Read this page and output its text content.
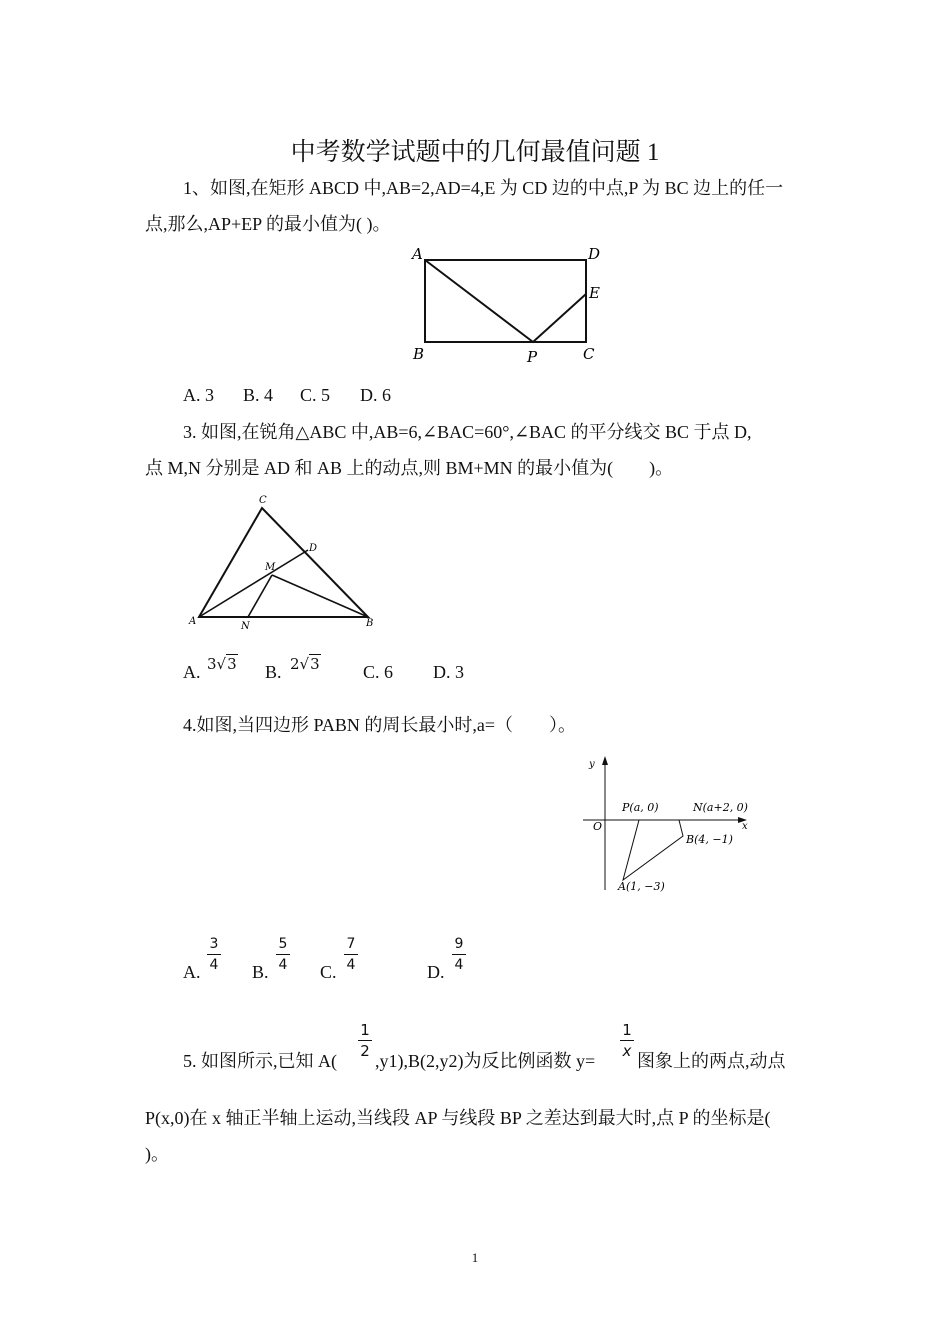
中考数学试题中的几何最值问题 1
1、如图,在矩形 ABCD 中,AB=2,AD=4,E 为 CD 边的中点,P 为 BC 边上的任一
点,那么,AP+EP 的最小值为( )。
A	D
E
B	P	C
A. 3 B. 4 C. 5 D. 6
3. 如图,在锐角△ABC 中,AB=6,∠BAC=60°,∠BAC 的平分线交 BC 于点 D,
点 M,N 分别是 AD 和 AB 上的动点,则 BM+MN 的最小值为(　　)。
C
D
M
A	N	B
A. 3√3 B. 2√3 C. 6 D. 3
4.如图,当四边形 PABN 的周长最小时,a=（　　）。
y
x
O
P(a, 0)	N(a+2, 0)
B(4, −1)
A(1, −3)
A.
3
4 B.
5
4 C.
7
4	D.
9
4
5. 如图所示,已知 A(
1
2 ,y1),B(2,y2)为反比例函数 y=
1
x 图象上的两点,动点
P(x,0)在 x 轴正半轴上运动,当线段 AP 与线段 BP 之差达到最大时,点 P 的坐标是(
)。
1
